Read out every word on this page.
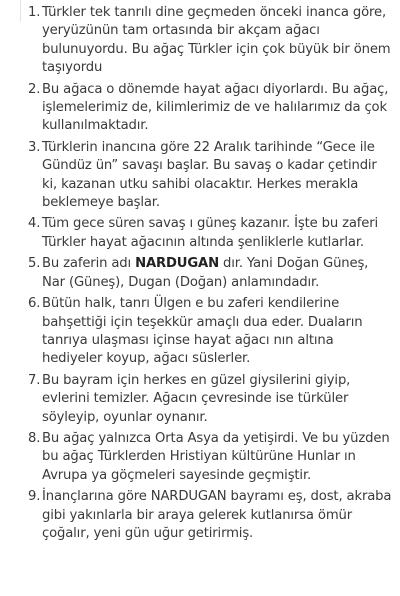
1. Türkler tek tanrılı dine geçmeden önceki inanca göre, yeryüzünün tam ortasında bir akçam ağacı bulunuyordu. Bu ağaç Türkler için çok büyük bir önem taşıyordu
2. Bu ağaca o dönemde hayat ağacı diyorlardı. Bu ağaç, işlemelerimiz de, kilimlerimiz de ve halılarımız da çok kullanılmaktadır.
3. Türklerin inancına göre 22 Aralık tarihinde “Gece ile Gündüz ün” savaşı başlar. Bu savaş o kadar çetindir ki, kazanan utku sahibi olacaktır. Herkes merakla beklemeye başlar.
4. Tüm gece süren savaş ı güneş kazanır. İşte bu zaferi Türkler hayat ağacının altında şenliklerle kutlarlar.
5. Bu zaferin adı NARDUGAN dır. Yani Doğan Güneş, Nar (Güneş), Dugan (Doğan) anlamındadır.
6. Bütün halk, tanrı Ülgen e bu zaferi kendilerine bahşettiği için teşekkür amaçlı dua eder. Duaların tanrıya ulaşması içinse hayat ağacı nın altına hediyeler koyup, ağacı süslerler.
7. Bu bayram için herkes en güzel giysilerini giyip, evlerini temizler. Ağacın çevresinde ise türküler söyleyip, oyunlar oynanır.
8. Bu ağaç yalnızca Orta Asya da yetişirdi. Ve bu yüzden bu ağaç Türklerden Hristiyan kültürüne Hunlar ın Avrupa ya göçmeleri sayesinde geçmiştir.
9. İnançlarına göre NARDUGAN bayramı eş, dost, akraba gibi yakınlarla bir araya gelerek kutlanırsa ömür çoğalır, yeni gün uğur getirirmiş.
